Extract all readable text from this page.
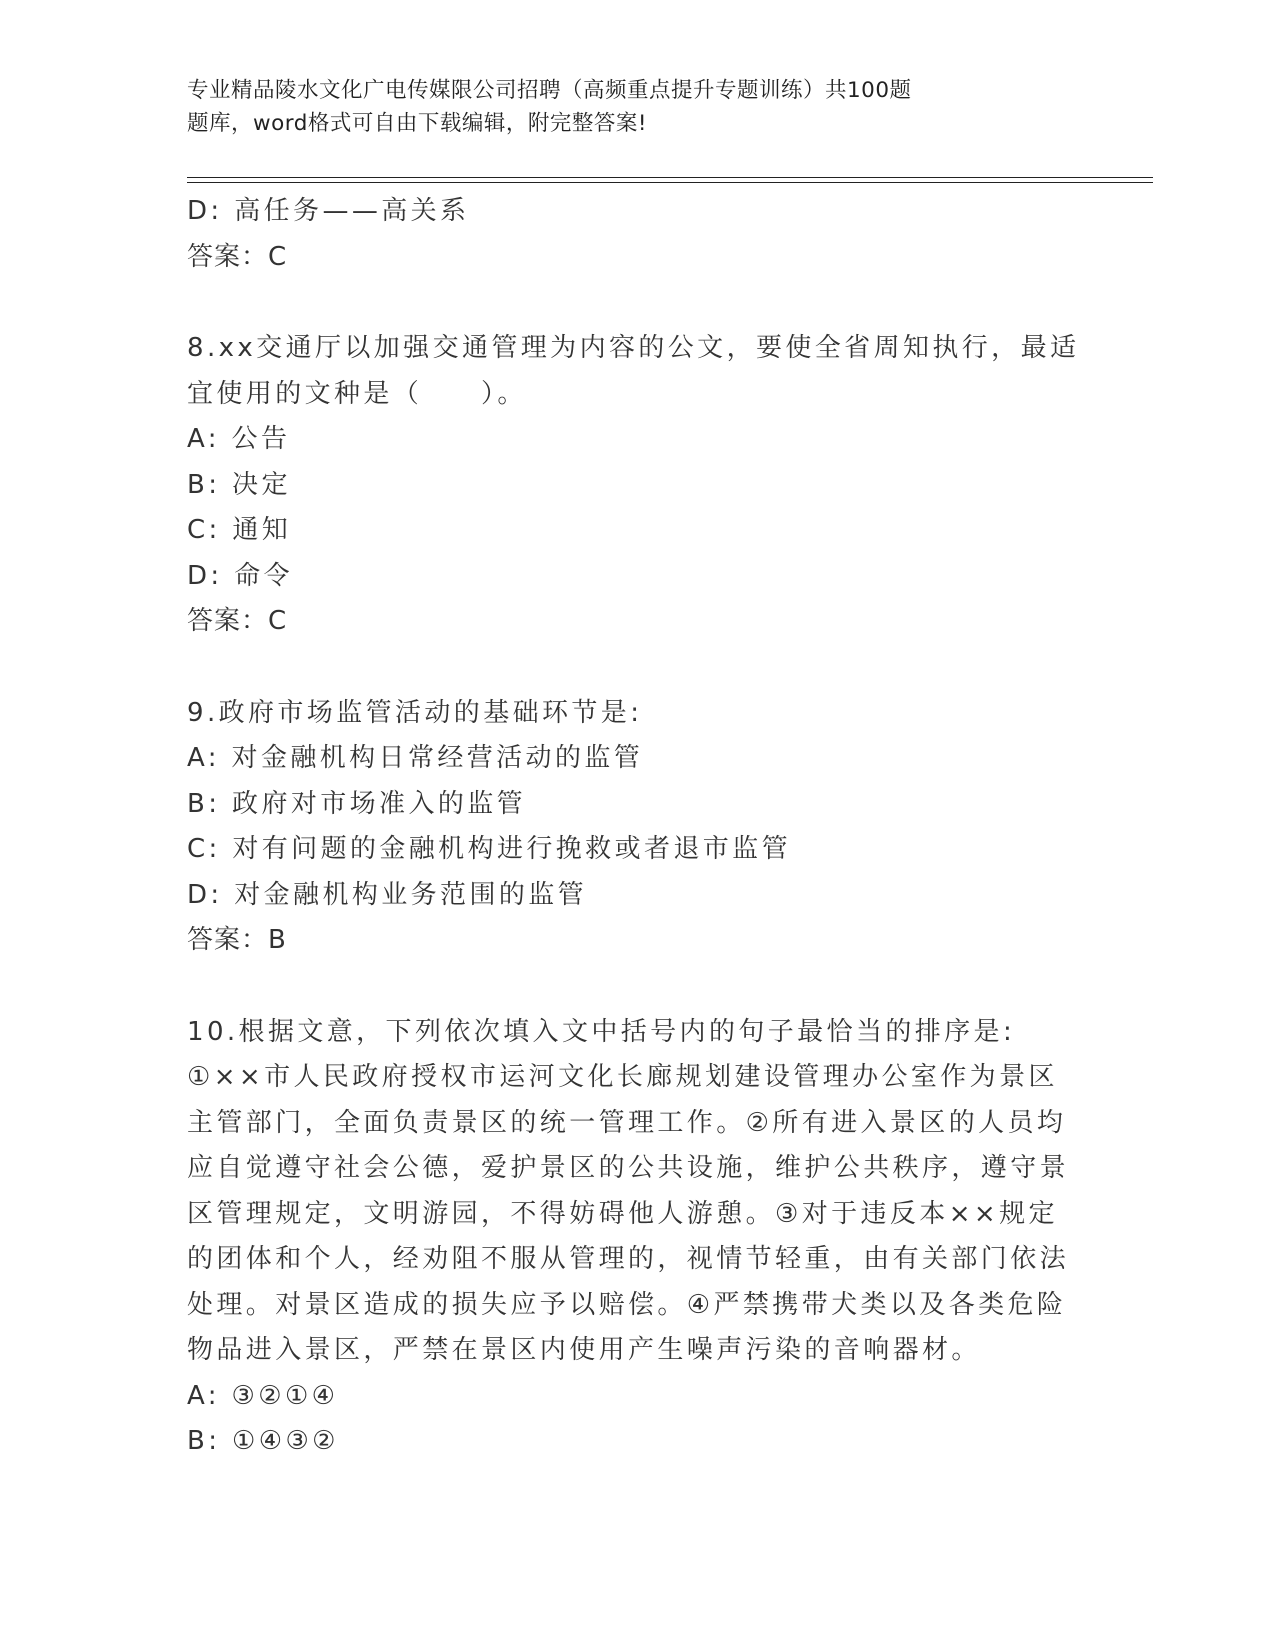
专业精品陵水文化广电传媒限公司招聘（高频重点提升专题训练）共100题
题库，word格式可自由下载编辑，附完整答案!
D: 高任务——高关系
答案：C
8.xx交通厅以加强交通管理为内容的公文，要使全省周知执行，最适
宜使用的文种是（　　）。
A: 公告
B: 决定
C: 通知
D: 命令
答案：C
9.政府市场监管活动的基础环节是:
A: 对金融机构日常经营活动的监管
B: 政府对市场准入的监管
C: 对有问题的金融机构进行挽救或者退市监管
D: 对金融机构业务范围的监管
答案：B
10.根据文意，下列依次填入文中括号内的句子最恰当的排序是:
①××市人民政府授权市运河文化长廊规划建设管理办公室作为景区
主管部门，全面负责景区的统一管理工作。②所有进入景区的人员均
应自觉遵守社会公德，爱护景区的公共设施，维护公共秩序，遵守景
区管理规定，文明游园，不得妨碍他人游憩。③对于违反本××规定
的团体和个人，经劝阻不服从管理的，视情节轻重，由有关部门依法
处理。对景区造成的损失应予以赔偿。④严禁携带犬类以及各类危险
物品进入景区，严禁在景区内使用产生噪声污染的音响器材。
A: ③②①④
B: ①④③②
